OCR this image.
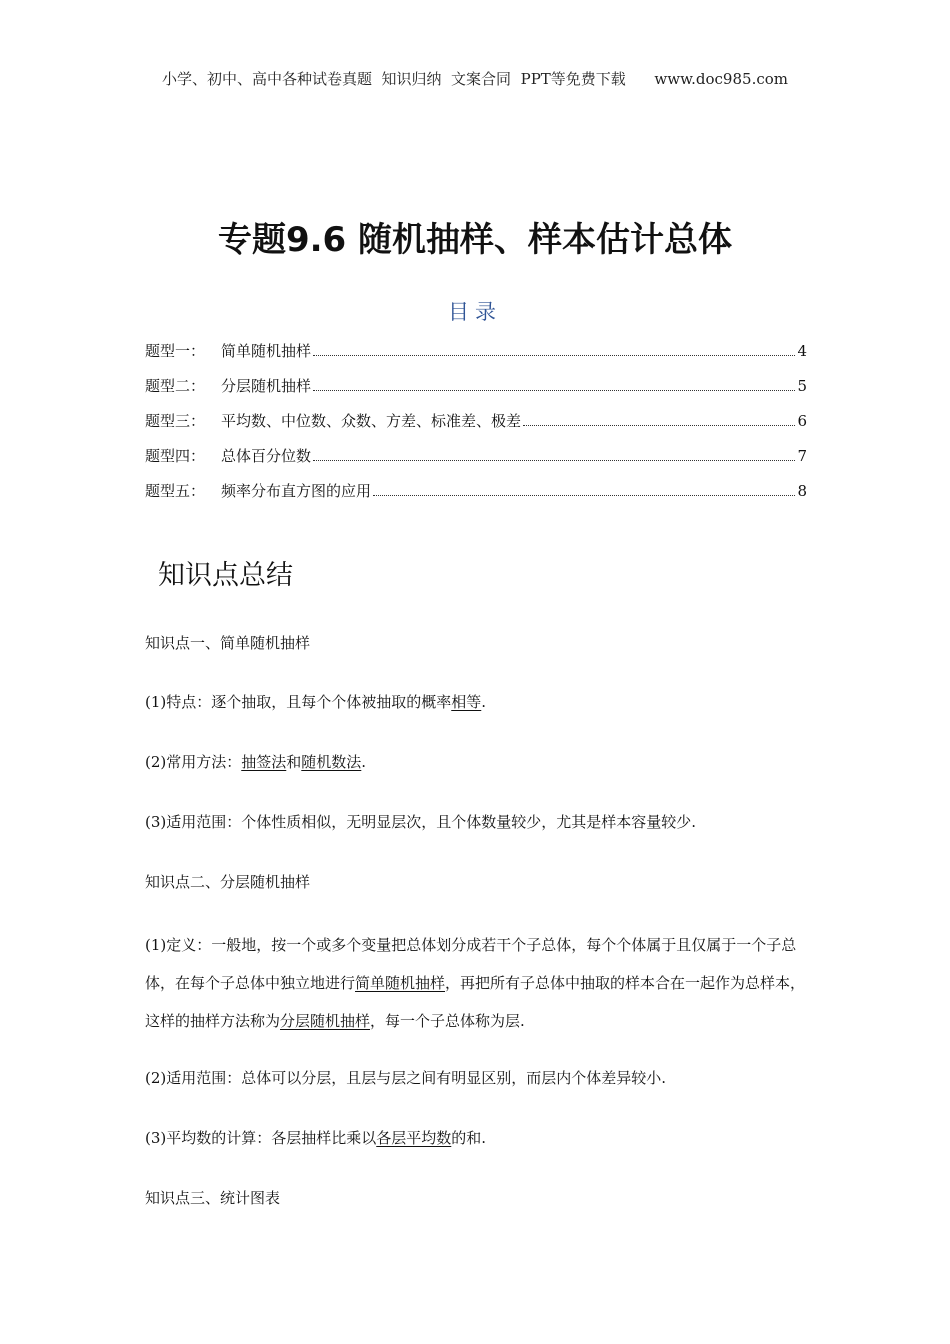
小学、初中、高中各种试卷真题  知识归纳  文案合同  PPT等免费下载      www.doc985.com
专题9.6 随机抽样、样本估计总体
目录
题型一：	简单随机抽样	4
题型二：	分层随机抽样	5
题型三：	平均数、中位数、众数、方差、标准差、极差	6
题型四：	总体百分位数	7
题型五：	频率分布直方图的应用	8
知识点总结
知识点一、简单随机抽样
(1)特点：逐个抽取，且每个个体被抽取的概率相等.
(2)常用方法：抽签法和随机数法.
(3)适用范围：个体性质相似，无明显层次，且个体数量较少，尤其是样本容量较少.
知识点二、分层随机抽样
(1)定义：一般地，按一个或多个变量把总体划分成若干个子总体，每个个体属于且仅属于一个子总体，在每个子总体中独立地进行简单随机抽样，再把所有子总体中抽取的样本合在一起作为总样本，这样的抽样方法称为分层随机抽样，每一个子总体称为层.
(2)适用范围：总体可以分层，且层与层之间有明显区别，而层内个体差异较小.
(3)平均数的计算：各层抽样比乘以各层平均数的和.
知识点三、统计图表
